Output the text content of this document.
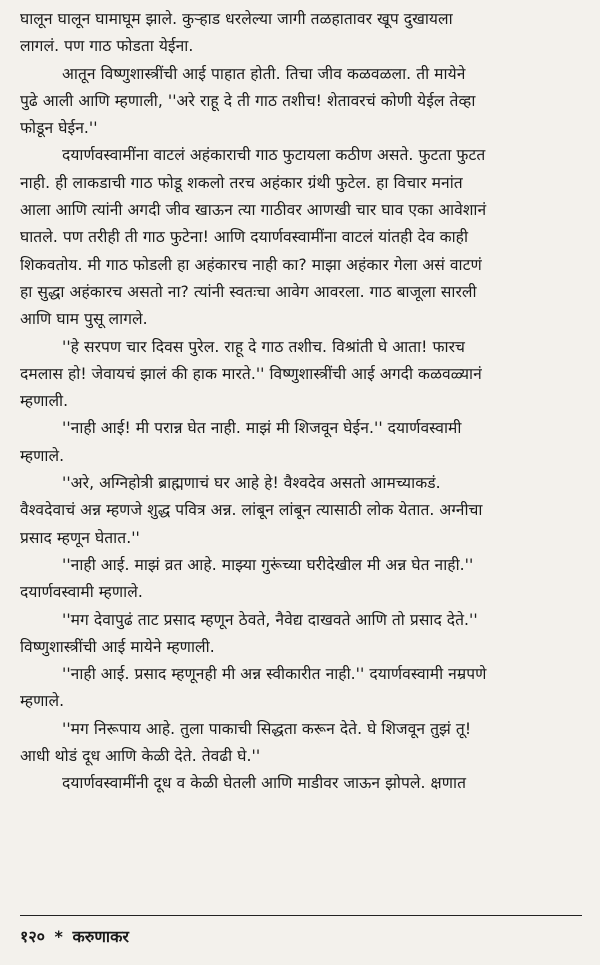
घालून घालून घामाघूम झाले. कुऱ्हाड धरलेल्या जागी तळहातावर खूप दुखायला
लागलं. पण गाठ फोडता येईना.
आतून विष्णुशास्त्रींची आई पाहात होती. तिचा जीव कळवळला. ती मायेने
पुढे आली आणि म्हणाली, ''अरे राहू दे ती गाठ तशीच! शेतावरचं कोणी येईल तेव्हा
फोडून घेईन.''
दयार्णवस्वामींना वाटलं अहंकाराची गाठ फुटायला कठीण असते. फुटता फुटत
नाही. ही लाकडाची गाठ फोडू शकलो तरच अहंकार ग्रंथी फुटेल. हा विचार मनांत
आला आणि त्यांनी अगदी जीव खाऊन त्या गाठीवर आणखी चार घाव एका आवेशानं
घातले. पण तरीही ती गाठ फुटेना! आणि दयार्णवस्वामींना वाटलं यांतही देव काही
शिकवतोय. मी गाठ फोडली हा अहंकारच नाही का? माझा अहंकार गेला असं वाटणं
हा सुद्धा अहंकारच असतो ना? त्यांनी स्वतःचा आवेग आवरला. गाठ बाजूला सारली
आणि घाम पुसू लागले.
''हे सरपण चार दिवस पुरेल. राहू दे गाठ तशीच. विश्रांती घे आता! फारच
दमलास हो! जेवायचं झालं की हाक मारते.'' विष्णुशास्त्रींची आई अगदी कळवळ्यानं
म्हणाली.
''नाही आई! मी परान्न घेत नाही. माझं मी शिजवून घेईन.'' दयार्णवस्वामी
म्हणाले.
''अरे, अग्निहोत्री ब्राह्मणाचं घर आहे हे! वैश्वदेव असतो आमच्याकडं.
वैश्वदेवाचं अन्न म्हणजे शुद्ध पवित्र अन्न. लांबून लांबून त्यासाठी लोक येतात. अग्नीचा
प्रसाद म्हणून घेतात.''
''नाही आई. माझं व्रत आहे. माझ्या गुरूंच्या घरीदेखील मी अन्न घेत नाही.''
दयार्णवस्वामी म्हणाले.
''मग देवापुढं ताट प्रसाद म्हणून ठेवते, नैवेद्य दाखवते आणि तो प्रसाद देते.''
विष्णुशास्त्रींची आई मायेने म्हणाली.
''नाही आई. प्रसाद म्हणूनही मी अन्न स्वीकारीत नाही.'' दयार्णवस्वामी नम्रपणे
म्हणाले.
''मग निरूपाय आहे. तुला पाकाची सिद्धता करून देते. घे शिजवून तुझं तू!
आधी थोडं दूध आणि केळी देते. तेवढी घे.''
दयार्णवस्वामींनी दूध व केळी घेतली आणि माडीवर जाऊन झोपले. क्षणात
१२० * करुणाकर
